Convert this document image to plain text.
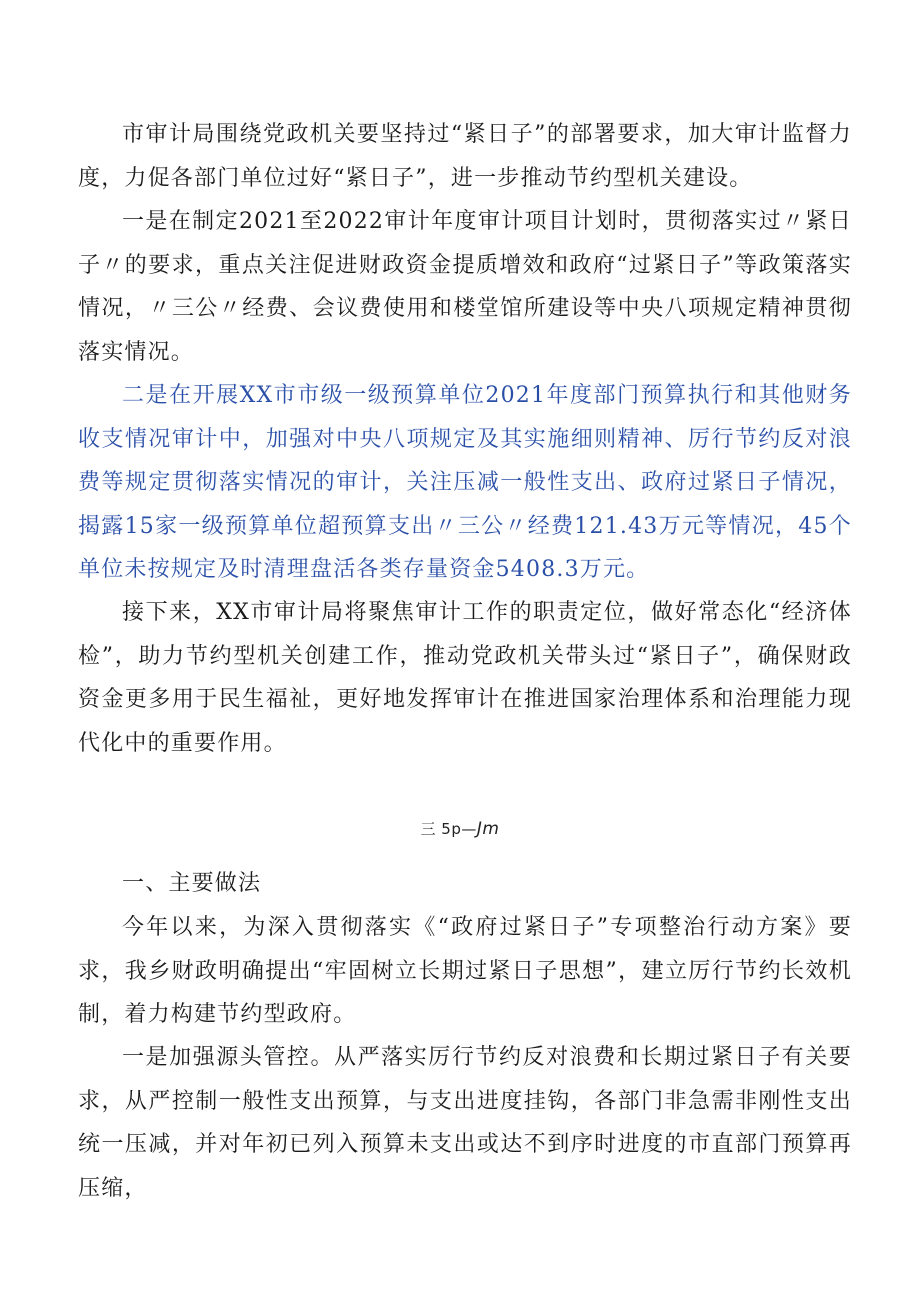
市审计局围绕党政机关要坚持过“紧日子”的部署要求，加大审计监督力度，力促各部门单位过好“紧日子”，进一步推动节约型机关建设。

一是在制定2021至2022审计年度审计项目计划时，贯彻落实过〃紧日子〃的要求，重点关注促进财政资金提质增效和政府“过紧日子”等政策落实情况，〃三公〃经费、会议费使用和楼堂馆所建设等中央八项规定精神贯彻落实情况。

二是在开展XX市市级一级预算单位2021年度部门预算执行和其他财务收支情况审计中，加强对中央八项规定及其实施细则精神、厉行节约反对浪费等规定贯彻落实情况的审计，关注压减一般性支出、政府过紧日子情况，揭露15家一级预算单位超预算支出〃三公〃经费121.43万元等情况，45个单位未按规定及时清理盘活各类存量资金5408.3万元。

接下来，XX市审计局将聚焦审计工作的职责定位，做好常态化“经济体检”，助力节约型机关创建工作，推动党政机关带头过“紧日子”，确保财政资金更多用于民生福祉，更好地发挥审计在推进国家治理体系和治理能力现代化中的重要作用。

三 5p—Jm

一、主要做法

今年以来，为深入贯彻落实《“政府过紧日子”专项整治行动方案》要求，我乡财政明确提出“牢固树立长期过紧日子思想”，建立厉行节约长效机制，着力构建节约型政府。

一是加强源头管控。从严落实厉行节约反对浪费和长期过紧日子有关要求，从严控制一般性支出预算，与支出进度挂钩，各部门非急需非刚性支出统一压减，并对年初已列入预算未支出或达不到序时进度的市直部门预算再压缩，
